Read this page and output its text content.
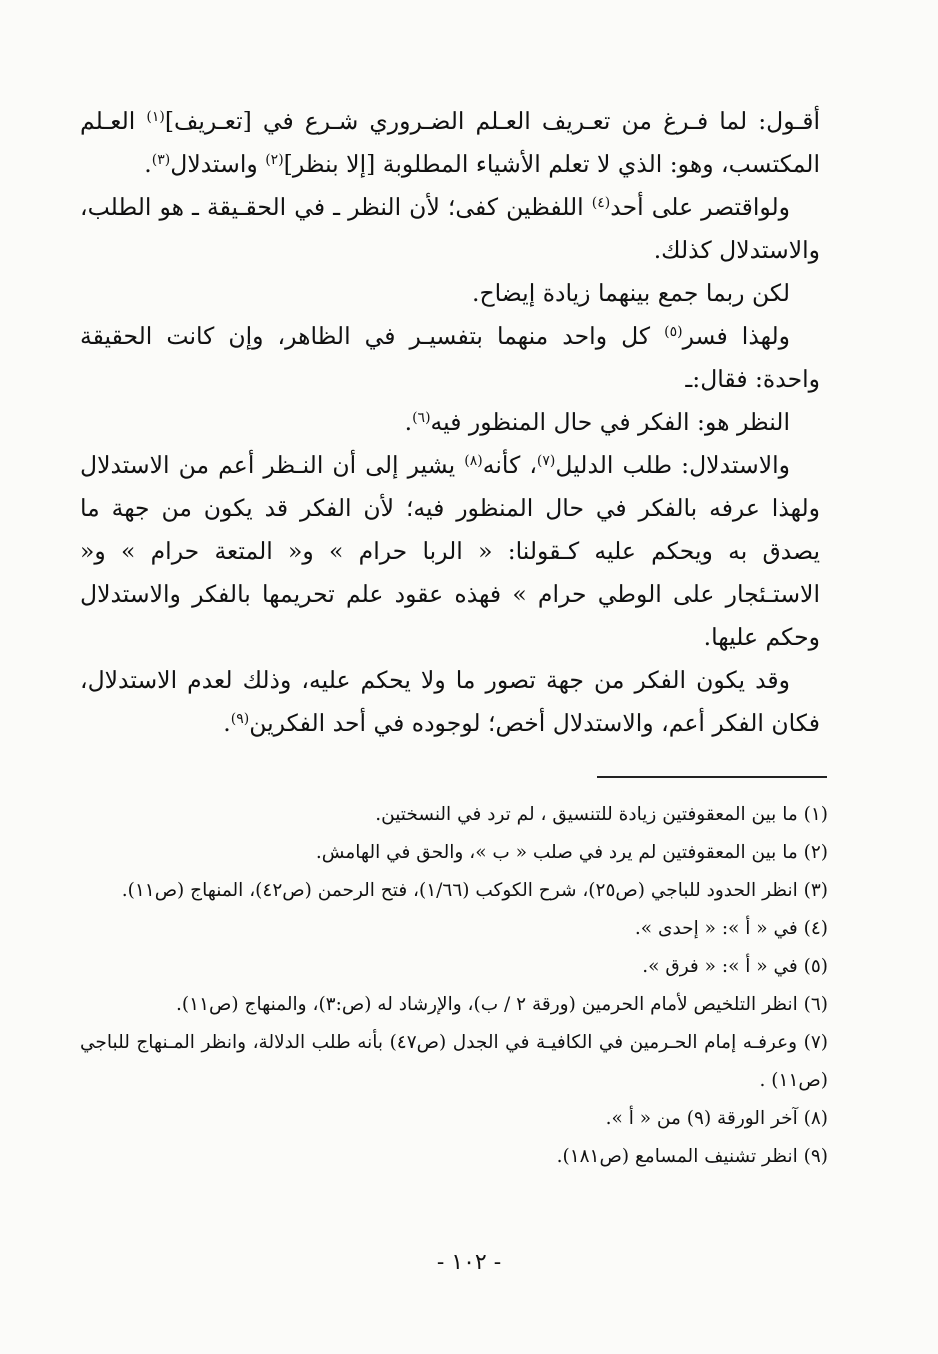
أقـول: لما فـرغ من تعـريف العـلم الضـروري شـرع في [تعـريف]$^{(١)}$ العـلم المكتسب، وهو: الذي لا تعلم الأشياء المطلوبة [إلا بنظر]$^{(٢)}$ واستدلال$^{(٣)}$.

ولواقتصر على أحد$^{(٤)}$ اللفظين كفى؛ لأن النظر ـ في الحقـيقة ـ هو الطلب، والاستدلال كذلك.

لكن ربما جمع بينهما زيادة إيضاح.

ولهذا فسر$^{(٥)}$ كل واحد منهما بتفسيـر في الظاهر، وإن كانت الحقيقة واحدة: فقال:ـ

النظر هو: الفكر في حال المنظور فيه$^{(٦)}$.

والاستدلال: طلب الدليل$^{(٧)}$، كأنه$^{(٨)}$ يشير إلى أن النـظر أعم من الاستدلال ولهذا عرفه بالفكر في حال المنظور فيه؛ لأن الفكر قد يكون من جهة ما يصدق به ويحكم عليه كـقولنا: « الربا حرام » و« المتعة حرام » و« الاستـئجار على الوطي حرام » فهذه عقود علم تحريمها بالفكر والاستدلال وحكم عليها.

وقد يكون الفكر من جهة تصور ما ولا يحكم عليه، وذلك لعدم الاستدلال، فكان الفكر أعم، والاستدلال أخص؛ لوجوده في أحد الفكرين$^{(٩)}$.

(١) ما بين المعقوفتين زيادة للتنسيق ، لم ترد في النسختين.

(٢) ما بين المعقوفتين لم يرد في صلب « ب »، والحق في الهامش.

(٣) انظر الحدود للباجي (ص٢٥)، شرح الكوكب (١/٦٦)، فتح الرحمن (ص٤٢)، المنهاج (ص١١).

(٤) في « أ »: « إحدى ».

(٥) في « أ »: « فرق ».

(٦) انظر التلخيص لأمام الحرمين (ورقة ٢ / ب)، والإرشاد له (ص:٣)، والمنهاج (ص١١).

(٧) وعرفـه إمام الحـرمين في الكافيـة في الجدل (ص٤٧) بأنه طلب الدلالة، وانظر المـنهاج للباجي (ص١١) .

(٨) آخر الورقة (٩) من « أ ».

(٩) انظر تشنيف المسامع (ص١٨١).

- ١٠٢ -
